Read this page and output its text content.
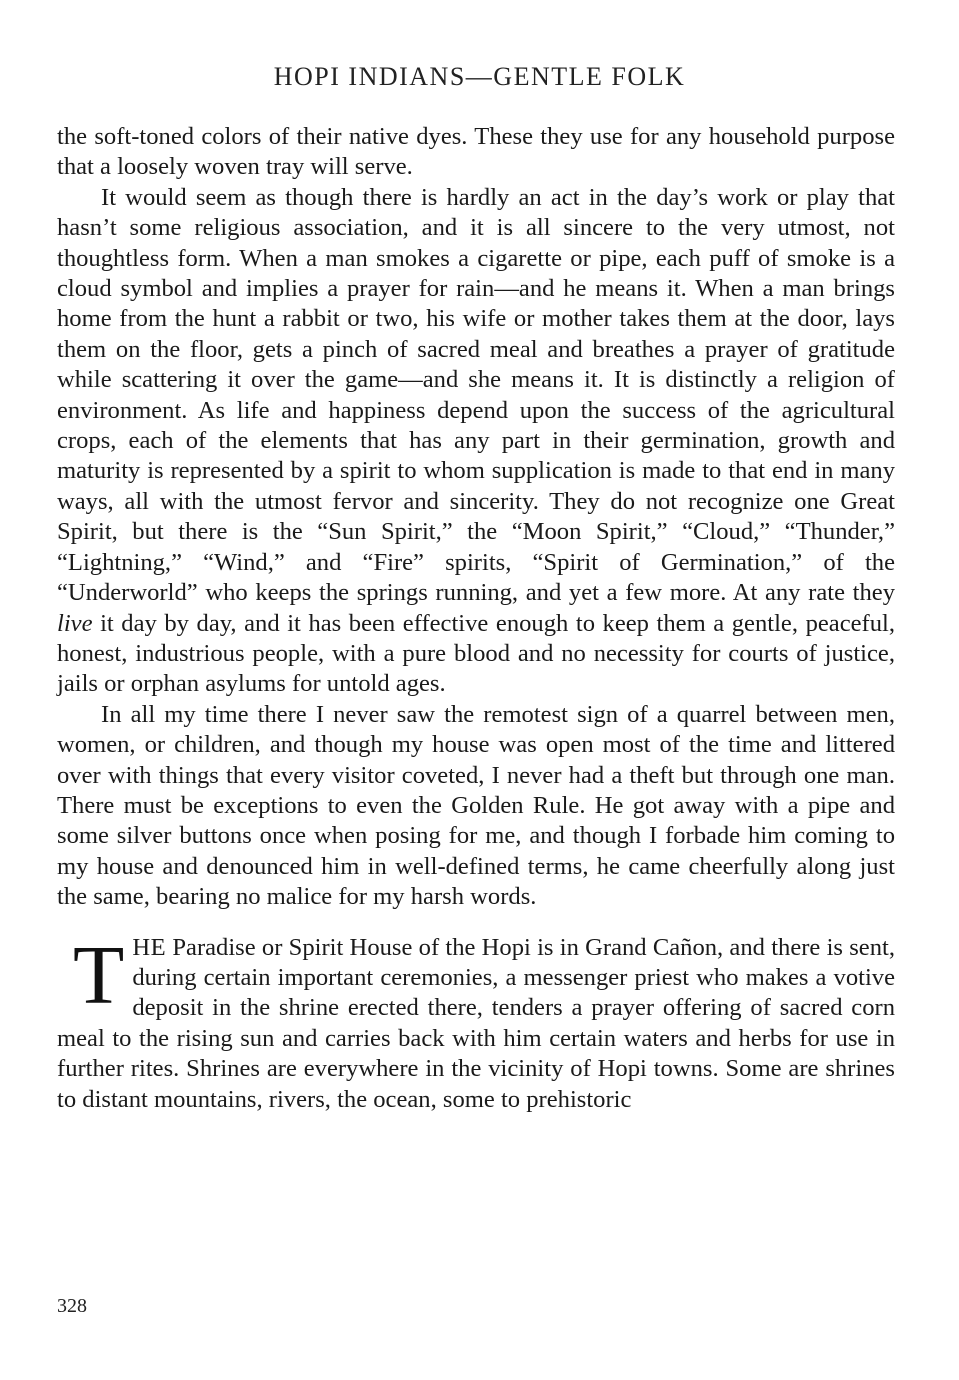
HOPI INDIANS—GENTLE FOLK

the soft-toned colors of their native dyes. These they use for any household purpose that a loosely woven tray will serve.

It would seem as though there is hardly an act in the day’s work or play that hasn’t some religious association, and it is all sincere to the very utmost, not thoughtless form. When a man smokes a cigarette or pipe, each puff of smoke is a cloud symbol and implies a prayer for rain—and he means it. When a man brings home from the hunt a rabbit or two, his wife or mother takes them at the door, lays them on the floor, gets a pinch of sacred meal and breathes a prayer of gratitude while scattering it over the game—and she means it. It is distinctly a religion of environment. As life and happiness depend upon the success of the agricultural crops, each of the elements that has any part in their germination, growth and maturity is represented by a spirit to whom supplication is made to that end in many ways, all with the utmost fervor and sincerity. They do not recognize one Great Spirit, but there is the “Sun Spirit,” the “Moon Spirit,” “Cloud,” “Thunder,” “Lightning,” “Wind,” and “Fire” spirits, “Spirit of Germination,” of the “Underworld” who keeps the springs running, and yet a few more. At any rate they live it day by day, and it has been effective enough to keep them a gentle, peaceful, honest, industrious people, with a pure blood and no necessity for courts of justice, jails or orphan asylums for untold ages.

In all my time there I never saw the remotest sign of a quarrel between men, women, or children, and though my house was open most of the time and littered over with things that every visitor coveted, I never had a theft but through one man. There must be exceptions to even the Golden Rule. He got away with a pipe and some silver buttons once when posing for me, and though I forbade him coming to my house and denounced him in well-defined terms, he came cheerfully along just the same, bearing no malice for my harsh words.

THE Paradise or Spirit House of the Hopi is in Grand Cañon, and there is sent, during certain important ceremonies, a messenger priest who makes a votive deposit in the shrine erected there, tenders a prayer offering of sacred corn meal to the rising sun and carries back with him certain waters and herbs for use in further rites. Shrines are everywhere in the vicinity of Hopi towns. Some are shrines to distant mountains, rivers, the ocean, some to prehistoric

328
